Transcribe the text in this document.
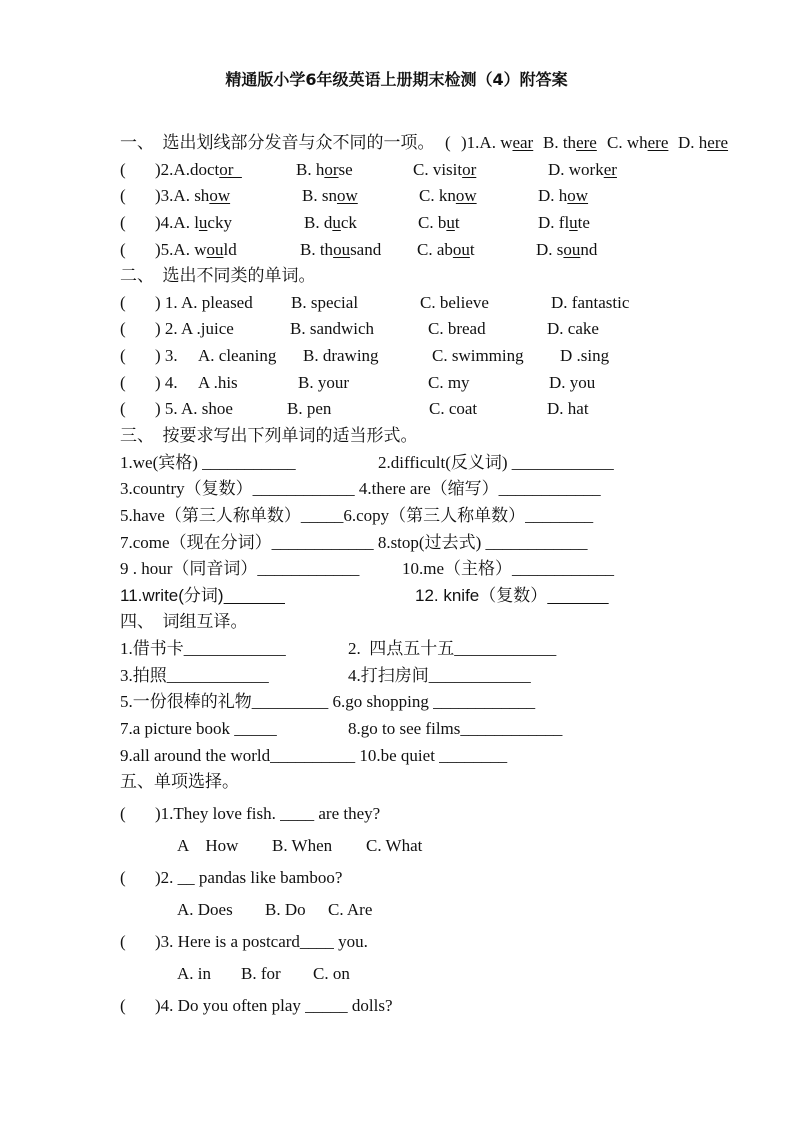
精通版小学6年级英语上册期末检测（4）附答案
一、  选出划线部分发音与众不同的一项。 ( )1.A. wear B. there C. where D. here
( )2.A.doctor	B. horse	C. visitor	D. worker
( )3.A. show	B. snow	C. know	D. how
( )4.A. lucky	B. duck	C. but	D. flute
( )5.A. would	B. thousand C. about	D. sound
二、  选出不同类的单词。
( ) 1. A. pleased B. special	C. believe	D. fantastic
( ) 2. A .juice	B. sandwich	C. bread	D. cake
( ) 3. A. cleaning B. drawing	C. swimming D .sing
( ) 4. A .his	B. your	C. my	D. you
( ) 5. A. shoe	B. pen	C. coat	D. hat
三、  按要求写出下列单词的适当形式。
1.we(宾格) ___________	2.difficult(反义词) ____________
3.country（复数）____________ 4.there are（缩写）____________
5.have（第三人称单数）_____6.copy（第三人称单数）________
7.come（现在分词）____________ 8.stop(过去式) ____________
9 . hour（同音词）____________	10.me（主格）____________
11.write(分词)	12. knife（复数）
四、  词组互译。
1.借书卡____________	2.  四点五十五____________
3.拍照____________	4.打扫房间____________
5.一份很棒的礼物_________ 6.go shopping ____________
7.a picture book _____	8.go to see films____________
9.all around the world__________ 10.be quiet ________
五、单项选择。
( )1.They love fish. ____ are they?
A    How B. When C. What
( )2. __ pandas like bamboo?
A. Does B. Do C. Are
( )3. Here is a postcard____ you.
A. in B. for C. on
( )4. Do you often play _____ dolls?
